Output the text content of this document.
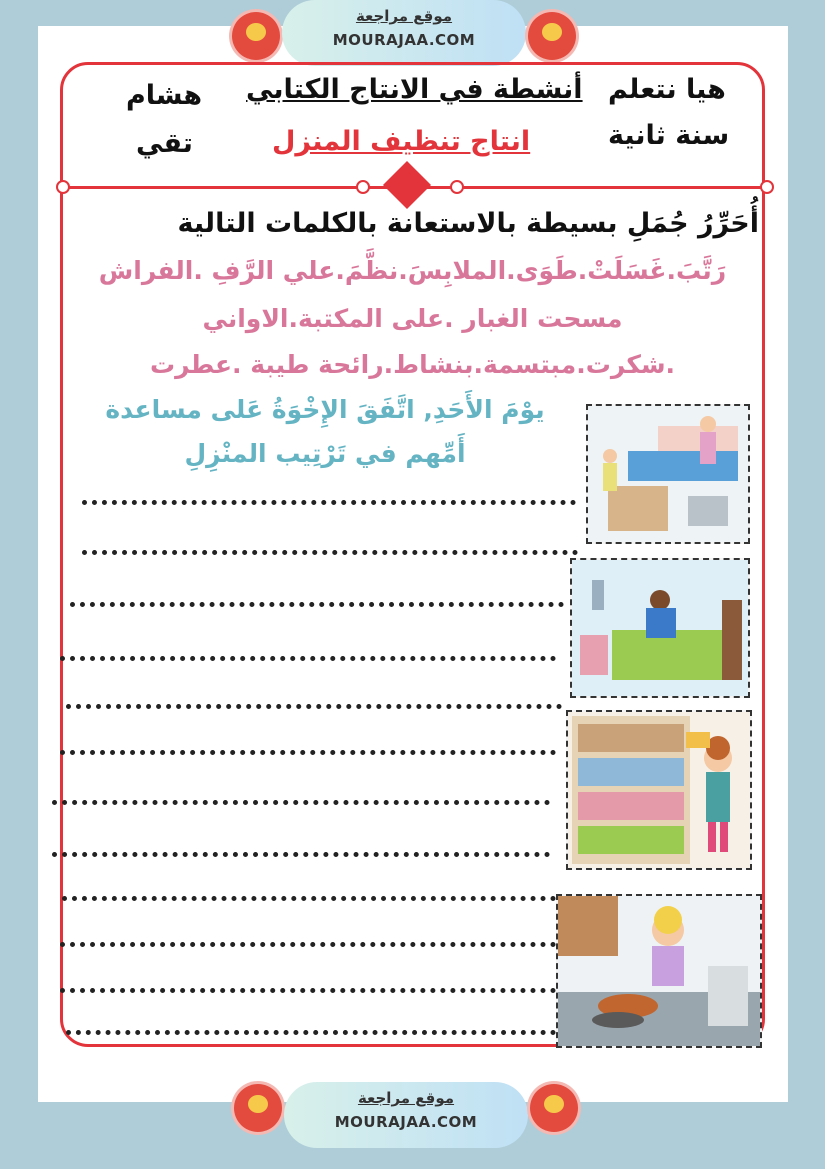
موقع مراجعة
MOURAJAA.COM
هشام
تقي
أنشطة في الانتاج الكتابي
انتاج تنظيف المنزل
هيا نتعلم
سنة ثانية
أُحَرِّرُ جُمَلِ بسيطة بالاستعانة بالكلمات التالية
رَتَّبَ.غَسَلَتْ.طَوَى.الملابِسَ.نظَّمَ.علي الرَّفِ .الفراش
مسحت الغبار .على المكتبة.الاواني
.شكرت.مبتسمة.بنشاط.رائحة طيبة .عطرت
يوْمَ الأَحَدِ, اتَّفَقَ الإِخْوَةُ عَلى مساعدة
أَمِّهم في تَرْتِيب المنْزِلِ
موقع مراجعة
MOURAJAA.COM
